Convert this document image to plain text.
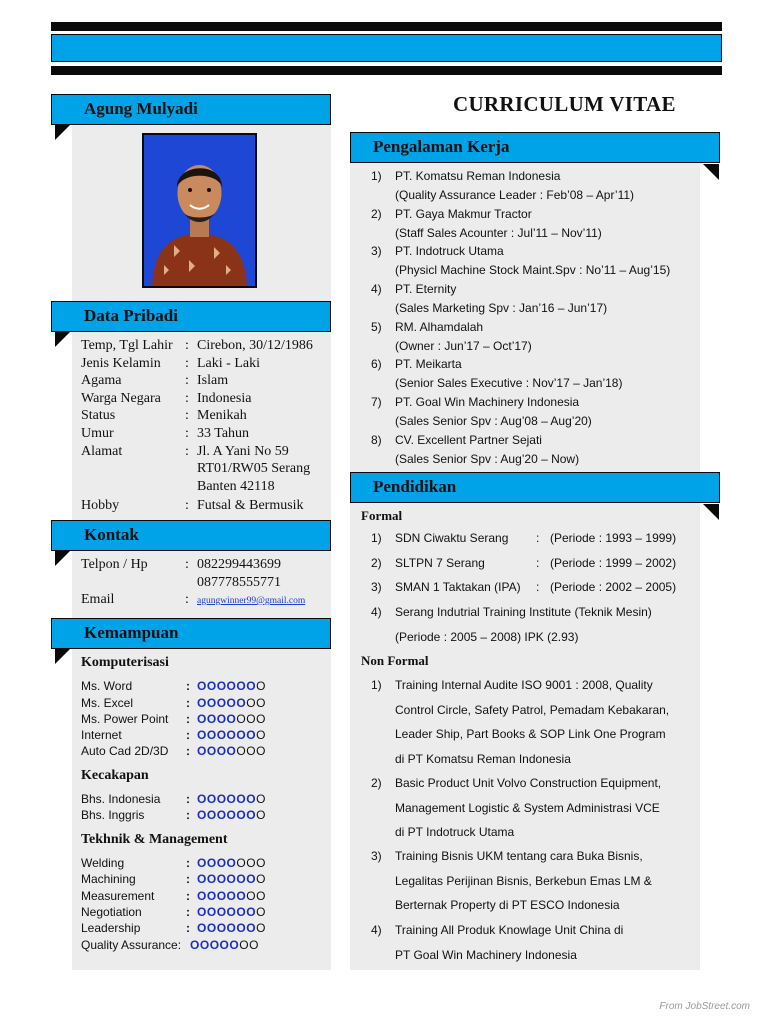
Agung Mulyadi	CURRICULUM VITAE
Data Pribadi
Temp, Tgl Lahir : Cirebon, 30/12/1986
Jenis Kelamin : Laki - Laki
Agama	: Islam
Warga Negara : Indonesia
Status	: Menikah
Umur	: 33 Tahun
Alamat	: Jl. A Yani No 59
RT01/RW05 Serang
Banten 42118
Hobby	: Futsal & Bermusik
Kontak
Telpon / Hp	: 082299443699
087778555771
Email	: agungwinner99@gmail.com
Kemampuan
Komputerisasi
Ms. Word	: OOOOOOO
Ms. Excel	: OOOOOOO
Ms. Power Point : OOOOOOO
Internet	: OOOOOOO
Auto Cad 2D/3D : OOOOOOO
Kecakapan
Bhs. Indonesia : OOOOOOO
Bhs. Inggris	: OOOOOOO
Tekhnik & Management
Welding	: OOOOOOO
Machining	: OOOOOOO
Measurement	: OOOOOOO
Negotiation	: OOOOOOO
Leadership	: OOOOOOO
Quality Assurance: OOOOOOO
Pengalaman Kerja
1) PT. Komatsu Reman Indonesia
(Quality Assurance Leader : Feb’08 – Apr’11)
2) PT. Gaya Makmur Tractor
(Staff Sales Acounter : Jul’11 – Nov’11)
3) PT. Indotruck Utama
(Physicl Machine Stock Maint.Spv : No’11 – Aug’15)
4) PT. Eternity
(Sales Marketing Spv : Jan’16 – Jun’17)
5) RM. Alhamdalah
(Owner : Jun’17 – Oct’17)
6) PT. Meikarta
(Senior Sales Executive : Nov’17 – Jan’18)
7) PT. Goal Win Machinery Indonesia
(Sales Senior Spv : Aug’08 – Aug’20)
8) CV. Excellent Partner Sejati
(Sales Senior Spv : Aug’20 – Now)
Pendidikan
Formal
1) SDN Ciwaktu Serang : (Periode : 1993 – 1999)
2) SLTPN 7 Serang	: (Periode : 1999 – 2002)
3) SMAN 1 Taktakan (IPA) : (Periode : 2002 – 2005)
4) Serang Indutrial Training Institute (Teknik Mesin)
(Periode : 2005 – 2008) IPK (2.93)
Non Formal
1) Training Internal Audite ISO 9001 : 2008, Quality
Control Circle, Safety Patrol, Pemadam Kebakaran,
Leader Ship, Part Books & SOP Link One Program
di PT Komatsu Reman Indonesia
2) Basic Product Unit Volvo Construction Equipment,
Management Logistic & System Administrasi VCE
di PT Indotruck Utama
3) Training Bisnis UKM tentang cara Buka Bisnis,
Legalitas Perijinan Bisnis, Berkebun Emas LM &
Berternak Property di PT ESCO Indonesia
4) Training All Produk Knowlage Unit China di
PT Goal Win Machinery Indonesia
From JobStreet.com
